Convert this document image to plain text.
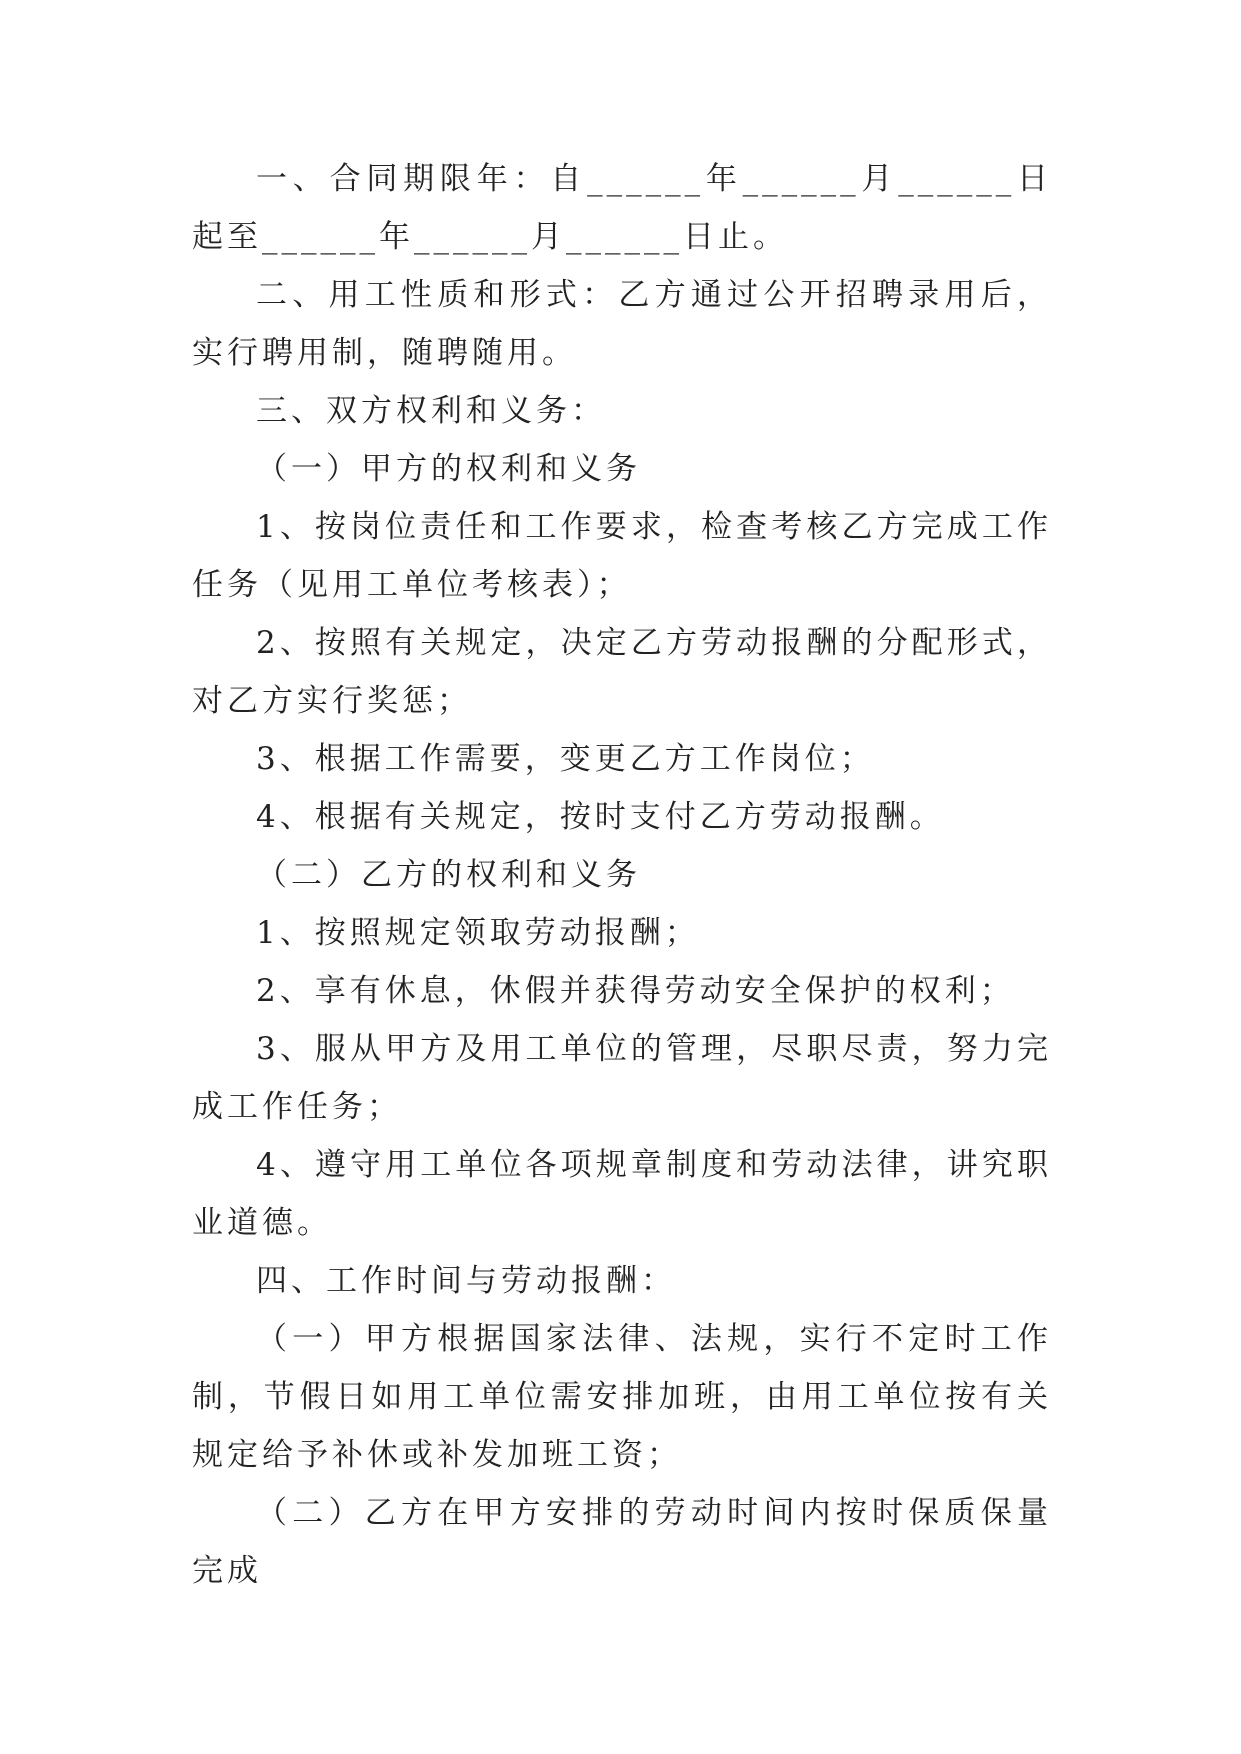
一、合同期限年：自______年______月______日起至______年______月______日止。

二、用工性质和形式：乙方通过公开招聘录用后，实行聘用制，随聘随用。

三、双方权利和义务：

（一）甲方的权利和义务

1、按岗位责任和工作要求，检查考核乙方完成工作任务（见用工单位考核表）；

2、按照有关规定，决定乙方劳动报酬的分配形式，对乙方实行奖惩；

3、根据工作需要，变更乙方工作岗位；

4、根据有关规定，按时支付乙方劳动报酬。

（二）乙方的权利和义务

1、按照规定领取劳动报酬；

2、享有休息，休假并获得劳动安全保护的权利；

3、服从甲方及用工单位的管理，尽职尽责，努力完成工作任务；

4、遵守用工单位各项规章制度和劳动法律，讲究职业道德。

四、工作时间与劳动报酬：

（一）甲方根据国家法律、法规，实行不定时工作制，节假日如用工单位需安排加班，由用工单位按有关规定给予补休或补发加班工资；

（二）乙方在甲方安排的劳动时间内按时保质保量完成
